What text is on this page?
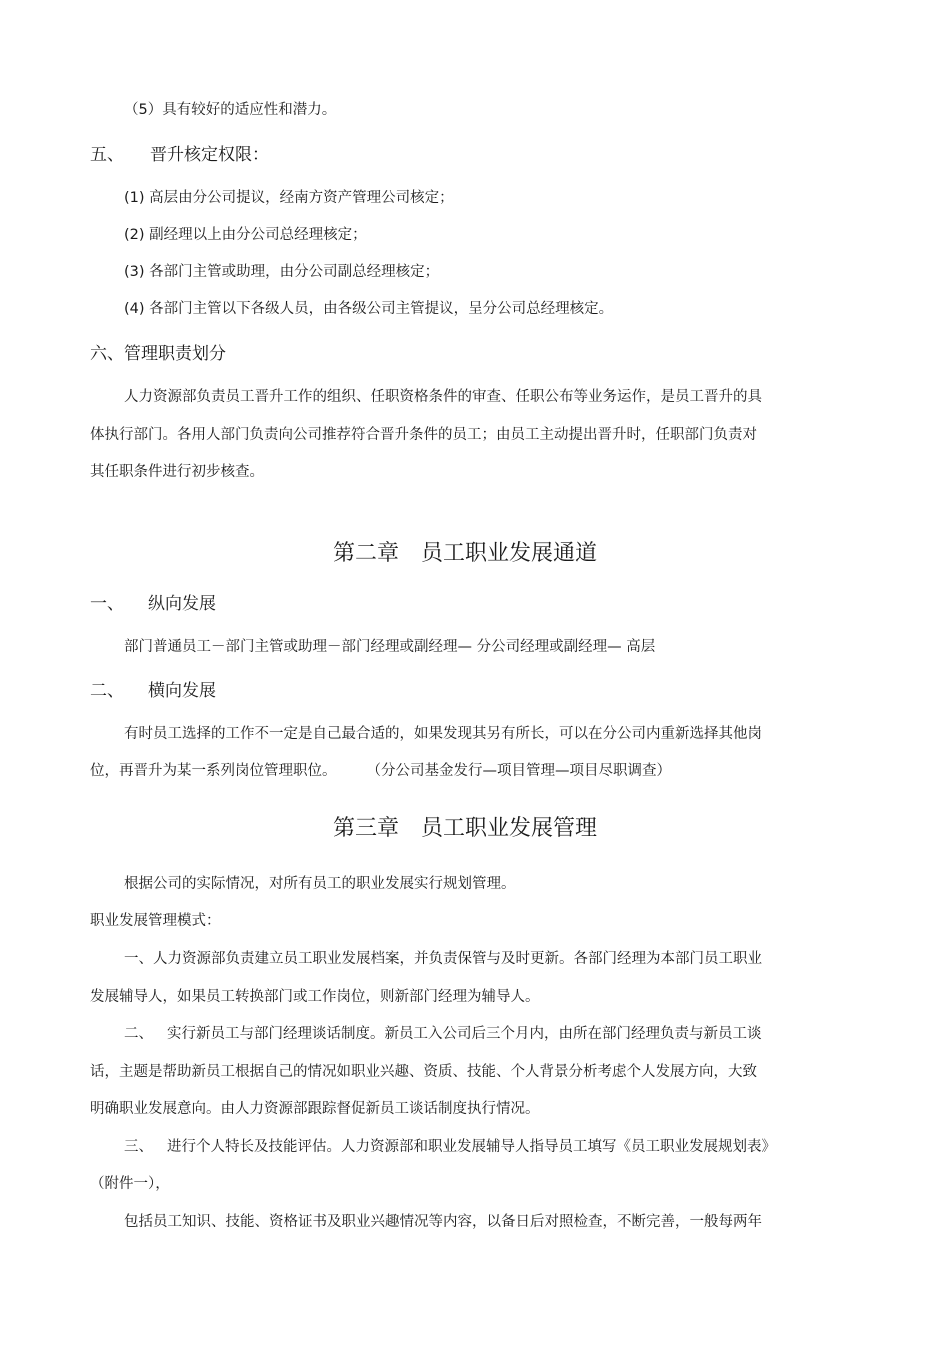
（5）具有较好的适应性和潜力。
五、 晋升核定权限：
(1) 高层由分公司提议，经南方资产管理公司核定；
(2) 副经理以上由分公司总经理核定；
(3) 各部门主管或助理，由分公司副总经理核定；
(4) 各部门主管以下各级人员，由各级公司主管提议，呈分公司总经理核定。
六、管理职责划分
人力资源部负责员工晋升工作的组织、任职资格条件的审查、任职公布等业务运作，是员工晋升的具
体执行部门。各用人部门负责向公司推荐符合晋升条件的员工；由员工主动提出晋升时，任职部门负责对
其任职条件进行初步核查。
第二章 员工职业发展通道
一、 纵向发展
部门普通员工－部门主管或助理－部门经理或副经理— 分公司经理或副经理— 高层
二、 横向发展
有时员工选择的工作不一定是自己最合适的，如果发现其另有所长，可以在分公司内重新选择其他岗
位，再晋升为某一系列岗位管理职位。 （分公司基金发行—项目管理—项目尽职调查）
第三章 员工职业发展管理
根据公司的实际情况，对所有员工的职业发展实行规划管理。
职业发展管理模式：
一、人力资源部负责建立员工职业发展档案，并负责保管与及时更新。各部门经理为本部门员工职业
发展辅导人，如果员工转换部门或工作岗位，则新部门经理为辅导人。
二、 实行新员工与部门经理谈话制度。新员工入公司后三个月内，由所在部门经理负责与新员工谈
话，主题是帮助新员工根据自己的情况如职业兴趣、资质、技能、个人背景分析考虑个人发展方向，大致
明确职业发展意向。由人力资源部跟踪督促新员工谈话制度执行情况。
三、 进行个人特长及技能评估。人力资源部和职业发展辅导人指导员工填写《员工职业发展规划表》
（附件一），
包括员工知识、技能、资格证书及职业兴趣情况等内容，以备日后对照检查，不断完善，一般每两年
